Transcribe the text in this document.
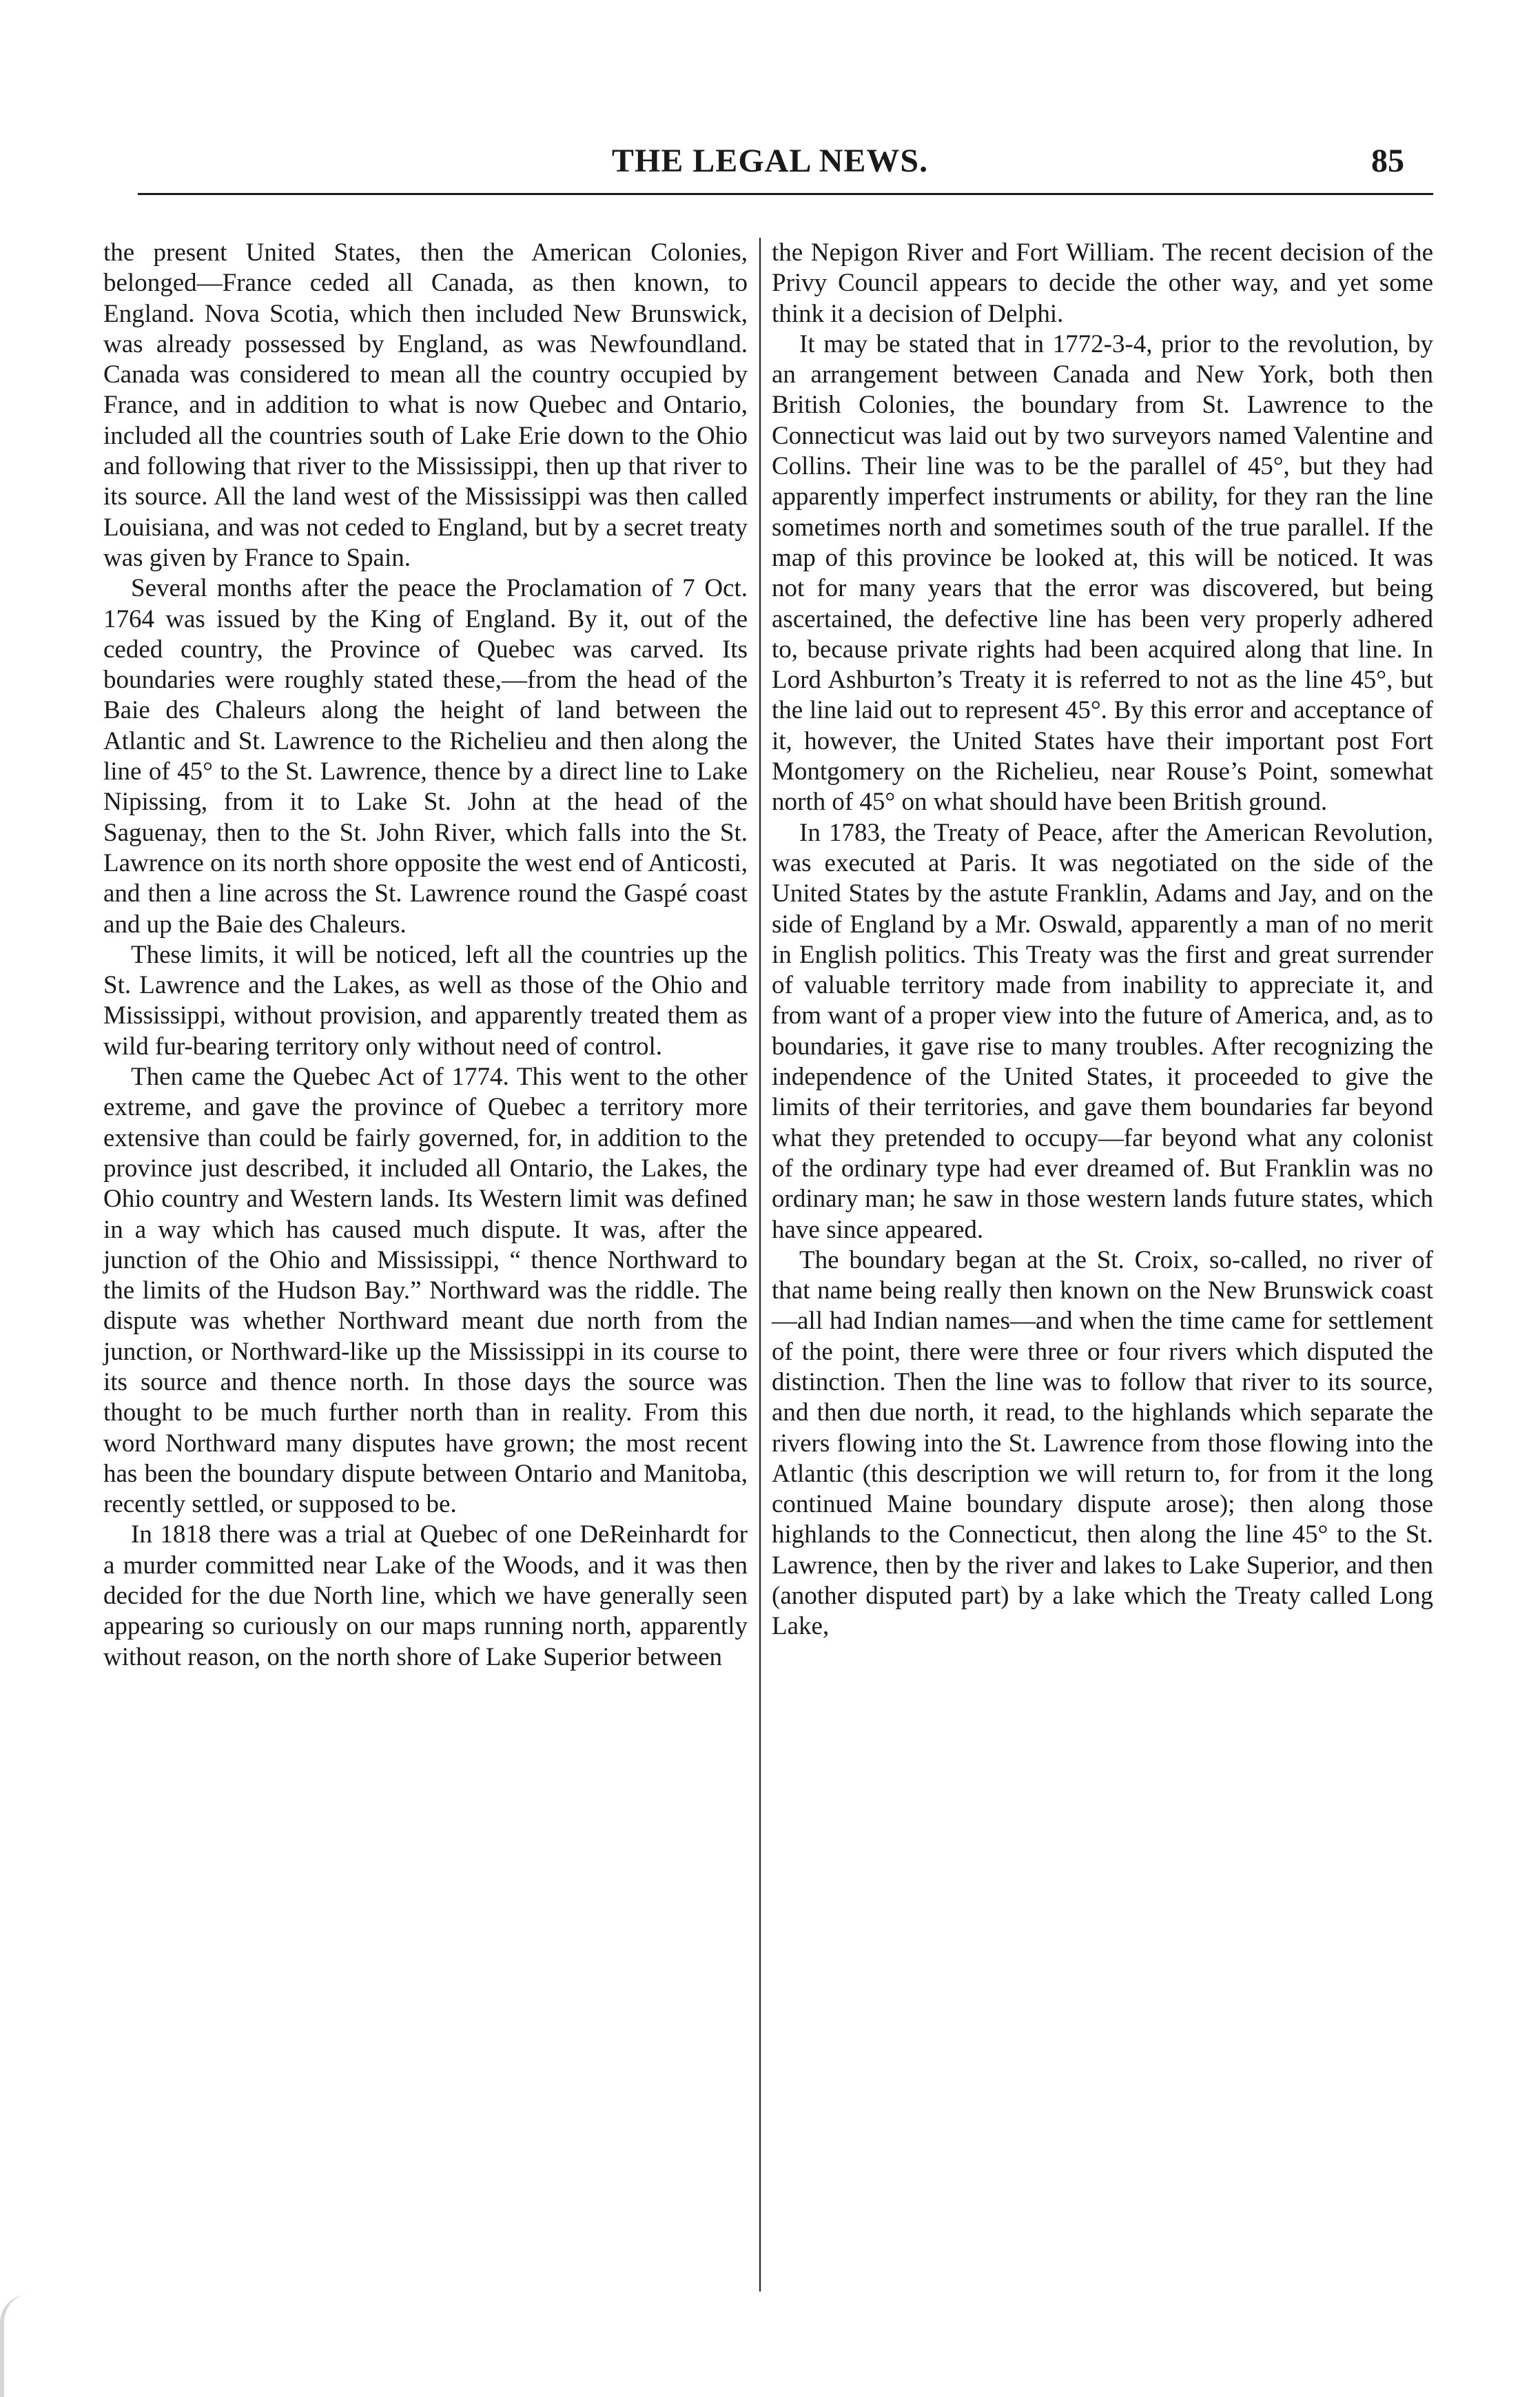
THE LEGAL NEWS.	85

the present United States, then the American Colonies, belonged—France ceded all Canada, as then known, to England. Nova Scotia, which then included New Brunswick, was already possessed by England, as was Newfoundland. Canada was considered to mean all the country occupied by France, and in addition to what is now Quebec and Ontario, included all the countries south of Lake Erie down to the Ohio and following that river to the Mississippi, then up that river to its source. All the land west of the Mississippi was then called Louisiana, and was not ceded to England, but by a secret treaty was given by France to Spain.

Several months after the peace the Proclamation of 7 Oct. 1764 was issued by the King of England. By it, out of the ceded country, the Province of Quebec was carved. Its boundaries were roughly stated these,—from the head of the Baie des Chaleurs along the height of land between the Atlantic and St. Lawrence to the Richelieu and then along the line of 45° to the St. Lawrence, thence by a direct line to Lake Nipissing, from it to Lake St. John at the head of the Saguenay, then to the St. John River, which falls into the St. Lawrence on its north shore opposite the west end of Anticosti, and then a line across the St. Lawrence round the Gaspé coast and up the Baie des Chaleurs.

These limits, it will be noticed, left all the countries up the St. Lawrence and the Lakes, as well as those of the Ohio and Mississippi, without provision, and apparently treated them as wild fur-bearing territory only without need of control.

Then came the Quebec Act of 1774. This went to the other extreme, and gave the province of Quebec a territory more extensive than could be fairly governed, for, in addition to the province just described, it included all Ontario, the Lakes, the Ohio country and Western lands. Its Western limit was defined in a way which has caused much dispute. It was, after the junction of the Ohio and Mississippi, “ thence Northward to the limits of the Hudson Bay.” Northward was the riddle. The dispute was whether Northward meant due north from the junction, or Northward-like up the Mississippi in its course to its source and thence north. In those days the source was thought to be much further north than in reality. From this word Northward many disputes have grown; the most recent has been the boundary dispute between Ontario and Manitoba, recently settled, or supposed to be.

In 1818 there was a trial at Quebec of one DeReinhardt for a murder committed near Lake of the Woods, and it was then decided for the due North line, which we have generally seen appearing so curiously on our maps running north, apparently without reason, on the north shore of Lake Superior between

the Nepigon River and Fort William. The recent decision of the Privy Council appears to decide the other way, and yet some think it a decision of Delphi.

It may be stated that in 1772-3-4, prior to the revolution, by an arrangement between Canada and New York, both then British Colonies, the boundary from St. Lawrence to the Connecticut was laid out by two surveyors named Valentine and Collins. Their line was to be the parallel of 45°, but they had apparently imperfect instruments or ability, for they ran the line sometimes north and sometimes south of the true parallel. If the map of this province be looked at, this will be noticed. It was not for many years that the error was discovered, but being ascertained, the defective line has been very properly adhered to, because private rights had been acquired along that line. In Lord Ashburton’s Treaty it is referred to not as the line 45°, but the line laid out to represent 45°. By this error and acceptance of it, however, the United States have their important post Fort Montgomery on the Richelieu, near Rouse’s Point, somewhat north of 45° on what should have been British ground.

In 1783, the Treaty of Peace, after the American Revolution, was executed at Paris. It was negotiated on the side of the United States by the astute Franklin, Adams and Jay, and on the side of England by a Mr. Oswald, apparently a man of no merit in English politics. This Treaty was the first and great surrender of valuable territory made from inability to appreciate it, and from want of a proper view into the future of America, and, as to boundaries, it gave rise to many troubles. After recognizing the independence of the United States, it proceeded to give the limits of their territories, and gave them boundaries far beyond what they pretended to occupy—far beyond what any colonist of the ordinary type had ever dreamed of. But Franklin was no ordinary man; he saw in those western lands future states, which have since appeared.

The boundary began at the St. Croix, so-called, no river of that name being really then known on the New Brunswick coast—all had Indian names—and when the time came for settlement of the point, there were three or four rivers which disputed the distinction. Then the line was to follow that river to its source, and then due north, it read, to the highlands which separate the rivers flowing into the St. Lawrence from those flowing into the Atlantic (this description we will return to, for from it the long continued Maine boundary dispute arose); then along those highlands to the Connecticut, then along the line 45° to the St. Lawrence, then by the river and lakes to Lake Superior, and then (another disputed part) by a lake which the Treaty called Long Lake,
